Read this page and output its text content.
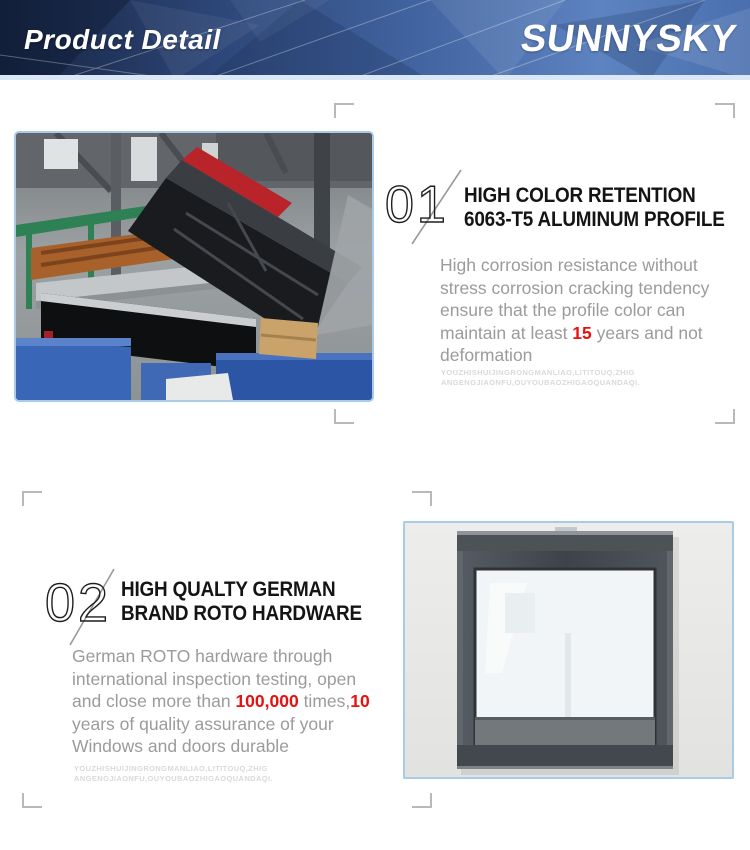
Product Detail	SUNNYSKY
01 HIGH COLOR RETENTION
6063-T5 ALUMINUM PROFILE

High corrosion resistance without stress corrosion cracking tendency ensure that the profile color can maintain at least 15 years and not deformation

YOUZHISHUIJINGRONGMANLIAO,LITITOUQ,ZHIG
ANGENGJIAONFU,OUYOUBAOZHIGAOQUANDAQI.

02 HIGH QUALTY GERMAN
BRAND ROTO HARDWARE

German ROTO hardware through international inspection testing, open and close more than 100,000 times,10 years of quality assurance of your Windows and doors durable

YOUZHISHUIJINGRONGMANLIAO,LITITOUQ,ZHIG
ANGENGJIAONFU,OUYOUBAOZHIGAOQUANDAQI.
